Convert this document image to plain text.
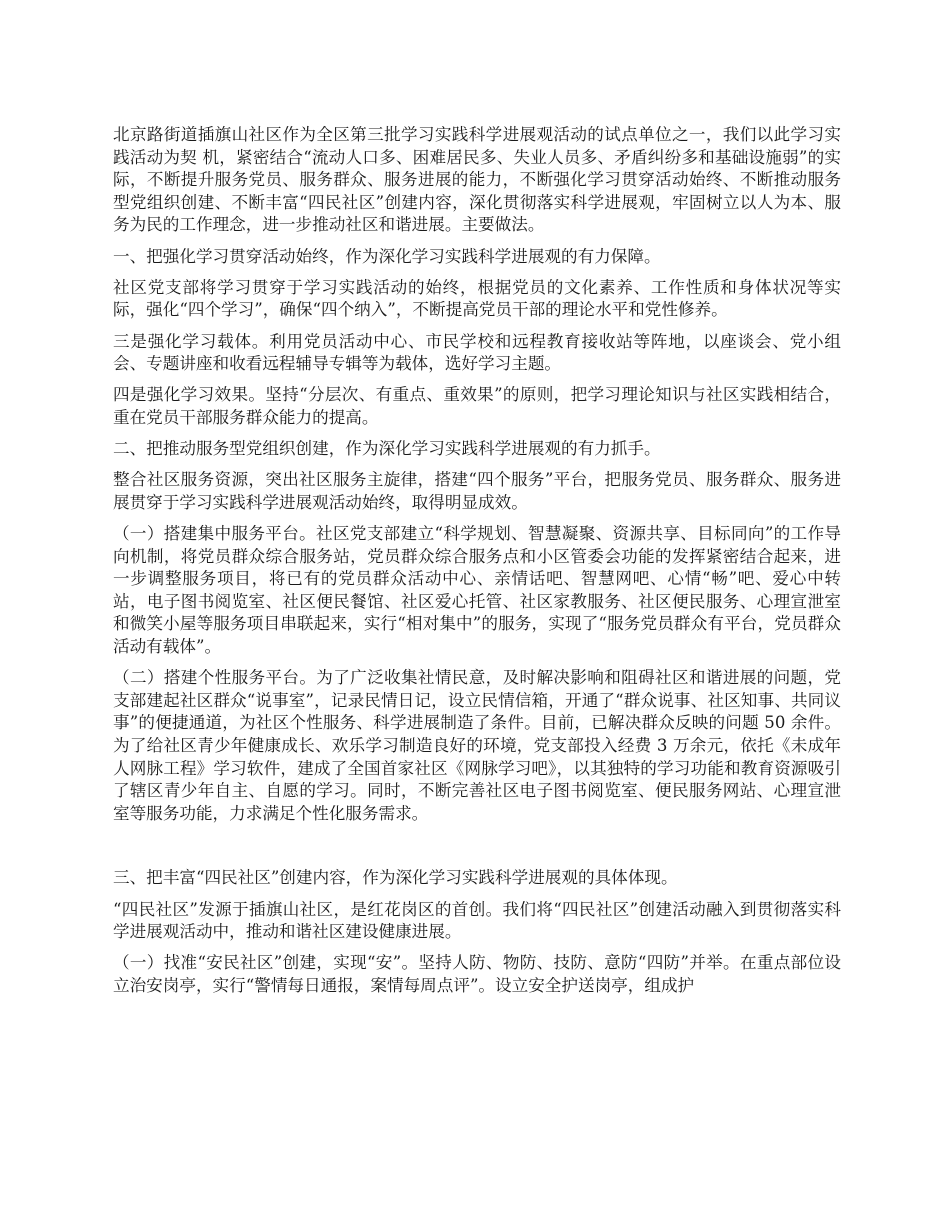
北京路街道插旗山社区作为全区第三批学习实践科学进展观活动的试点单位之一，我们以此学习实践活动为契 机，紧密结合“流动人口多、困难居民多、失业人员多、矛盾纠纷多和基础设施弱”的实际，不断提升服务党员、服务群众、服务进展的能力，不断强化学习贯穿活动始终、不断推动服务型党组织创建、不断丰富“四民社区”创建内容，深化贯彻落实科学进展观，牢固树立以人为本、服务为民的工作理念，进一步推动社区和谐进展。主要做法。

一、把强化学习贯穿活动始终，作为深化学习实践科学进展观的有力保障。

社区党支部将学习贯穿于学习实践活动的始终，根据党员的文化素养、工作性质和身体状况等实际，强化“四个学习”，确保“四个纳入”，不断提高党员干部的理论水平和党性修养。

三是强化学习载体。利用党员活动中心、市民学校和远程教育接收站等阵地，以座谈会、党小组会、专题讲座和收看远程辅导专辑等为载体，选好学习主题。

四是强化学习效果。坚持“分层次、有重点、重效果”的原则，把学习理论知识与社区实践相结合，重在党员干部服务群众能力的提高。

二、把推动服务型党组织创建，作为深化学习实践科学进展观的有力抓手。

整合社区服务资源，突出社区服务主旋律，搭建“四个服务”平台，把服务党员、服务群众、服务进展贯穿于学习实践科学进展观活动始终，取得明显成效。

（一）搭建集中服务平台。社区党支部建立“科学规划、智慧凝聚、资源共享、目标同向”的工作导向机制，将党员群众综合服务站，党员群众综合服务点和小区管委会功能的发挥紧密结合起来，进一步调整服务项目，将已有的党员群众活动中心、亲情话吧、智慧网吧、心情“畅”吧、爱心中转站，电子图书阅览室、社区便民餐馆、社区爱心托管、社区家教服务、社区便民服务、心理宣泄室和微笑小屋等服务项目串联起来，实行“相对集中”的服务，实现了“服务党员群众有平台，党员群众活动有载体”。

（二）搭建个性服务平台。为了广泛收集社情民意，及时解决影响和阻碍社区和谐进展的问题，党支部建起社区群众“说事室”，记录民情日记，设立民情信箱，开通了“群众说事、社区知事、共同议事”的便捷通道，为社区个性服务、科学进展制造了条件。目前，已解决群众反映的问题 50 余件。为了给社区青少年健康成长、欢乐学习制造良好的环境，党支部投入经费 3 万余元，依托《未成年人网脉工程》学习软件，建成了全国首家社区《网脉学习吧》，以其独特的学习功能和教育资源吸引了辖区青少年自主、自愿的学习。同时，不断完善社区电子图书阅览室、便民服务网站、心理宣泄室等服务功能，力求满足个性化服务需求。

三、把丰富“四民社区”创建内容，作为深化学习实践科学进展观的具体体现。

“四民社区”发源于插旗山社区，是红花岗区的首创。我们将“四民社区”创建活动融入到贯彻落实科学进展观活动中，推动和谐社区建设健康进展。

（一）找准“安民社区”创建，实现“安”。坚持人防、物防、技防、意防“四防”并举。在重点部位设立治安岗亭，实行“警情每日通报，案情每周点评”。设立安全护送岗亭，组成护
